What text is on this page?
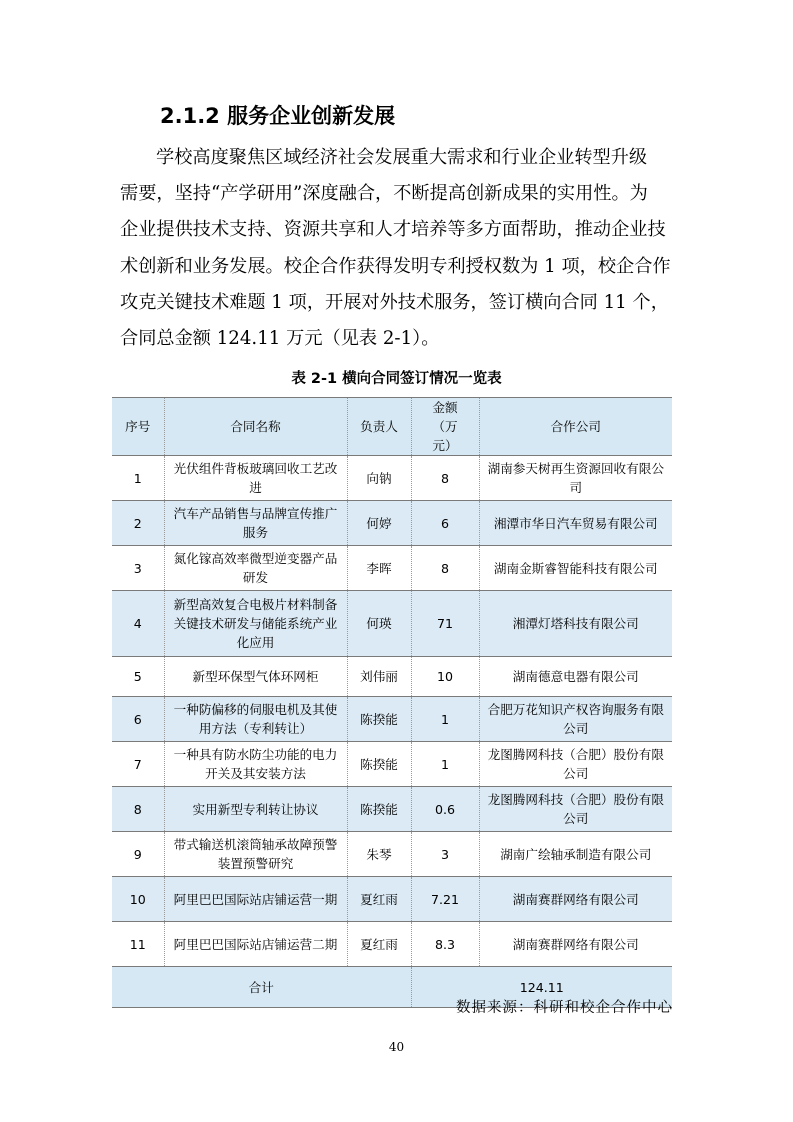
2.1.2 服务企业创新发展
学校高度聚焦区域经济社会发展重大需求和行业企业转型升级
需要，坚持“产学研用”深度融合，不断提高创新成果的实用性。为
企业提供技术支持、资源共享和人才培养等多方面帮助，推动企业技
术创新和业务发展。校企合作获得发明专利授权数为 1 项，校企合作
攻克关键技术难题 1 项，开展对外技术服务，签订横向合同 11 个，
合同总金额 124.11 万元（见表 2-1）。
表 2-1 横向合同签订情况一览表
序号	合同名称	负责人	金额（万元）	合作公司
1	光伏组件背板玻璃回收工艺改进	向钠	8	湖南参天树再生资源回收有限公司
2	汽车产品销售与品牌宣传推广服务	何婷	6	湘潭市华日汽车贸易有限公司
3	氮化镓高效率微型逆变器产品研发	李晖	8	湖南金斯睿智能科技有限公司
4	新型高效复合电极片材料制备关键技术研发与储能系统产业化应用	何瑛	71	湘潭灯塔科技有限公司
5	新型环保型气体环网柜	刘伟丽	10	湖南德意电器有限公司
6	一种防偏移的伺服电机及其使用方法（专利转让）	陈揆能	1	合肥万花知识产权咨询服务有限公司
7	一种具有防水防尘功能的电力开关及其安装方法	陈揆能	1	龙图腾网科技（合肥）股份有限公司
8	实用新型专利转让协议	陈揆能	0.6	龙图腾网科技（合肥）股份有限公司
9	带式输送机滚筒轴承故障预警装置预警研究	朱琴	3	湖南广绘轴承制造有限公司
10	阿里巴巴国际站店铺运营一期	夏红雨	7.21	湖南赛群网络有限公司
11	阿里巴巴国际站店铺运营二期	夏红雨	8.3	湖南赛群网络有限公司
合计			124.11	
数据来源：科研和校企合作中心
40
